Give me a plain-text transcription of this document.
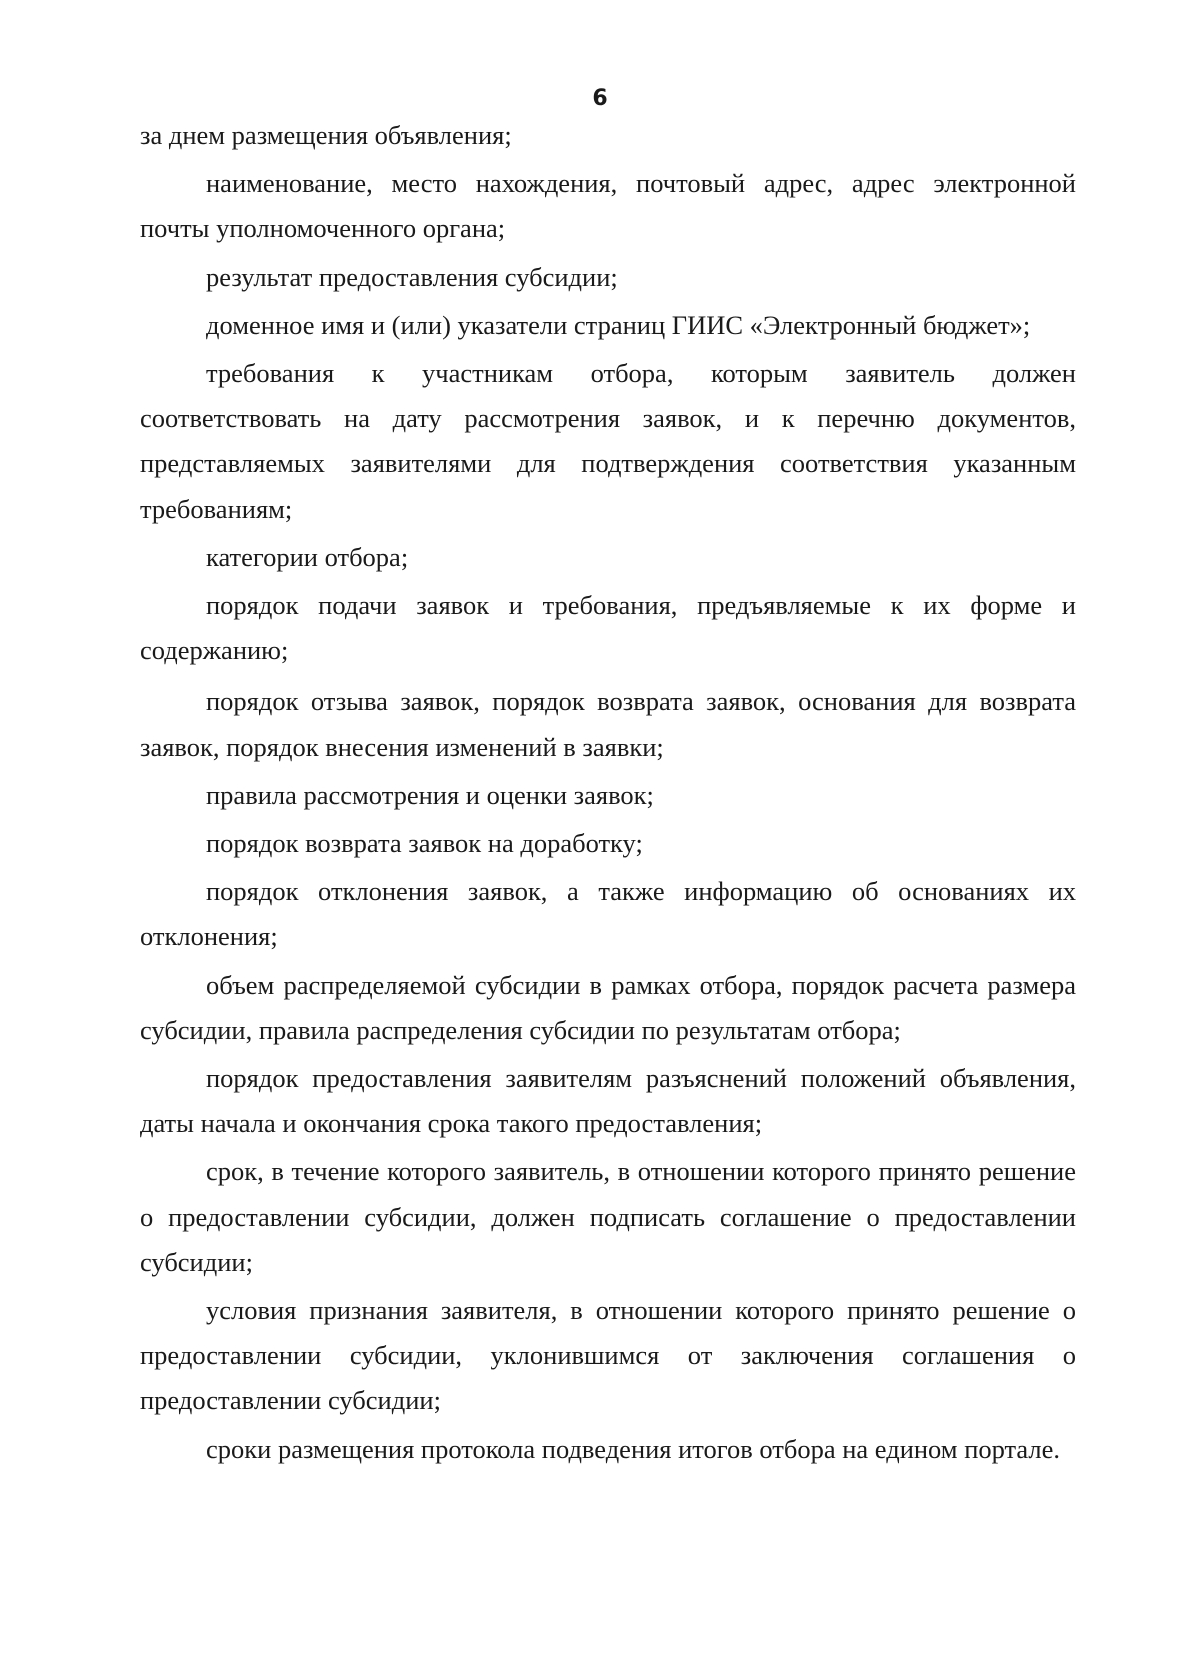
6

за днем размещения объявления;

наименование, место нахождения, почтовый адрес, адрес электронной почты уполномоченного органа;

результат предоставления субсидии;

доменное имя и (или) указатели страниц ГИИС «Электронный бюджет»;

требования к участникам отбора, которым заявитель должен соответствовать на дату рассмотрения заявок, и к перечню документов, представляемых заявителями для подтверждения соответствия указанным требованиям;

категории отбора;

порядок подачи заявок и требования, предъявляемые к их форме и содержанию;

порядок отзыва заявок, порядок возврата заявок, основания для возврата заявок, порядок внесения изменений в заявки;

правила рассмотрения и оценки заявок;

порядок возврата заявок на доработку;

порядок отклонения заявок, а также информацию об основаниях их отклонения;

объем распределяемой субсидии в рамках отбора, порядок расчета размера субсидии, правила распределения субсидии по результатам отбора;

порядок предоставления заявителям разъяснений положений объявления, даты начала и окончания срока такого предоставления;

срок, в течение которого заявитель, в отношении которого принято решение о предоставлении субсидии, должен подписать соглашение о предоставлении субсидии;

условия признания заявителя, в отношении которого принято решение о предоставлении субсидии, уклонившимся от заключения соглашения о предоставлении субсидии;

сроки размещения протокола подведения итогов отбора на едином портале.
